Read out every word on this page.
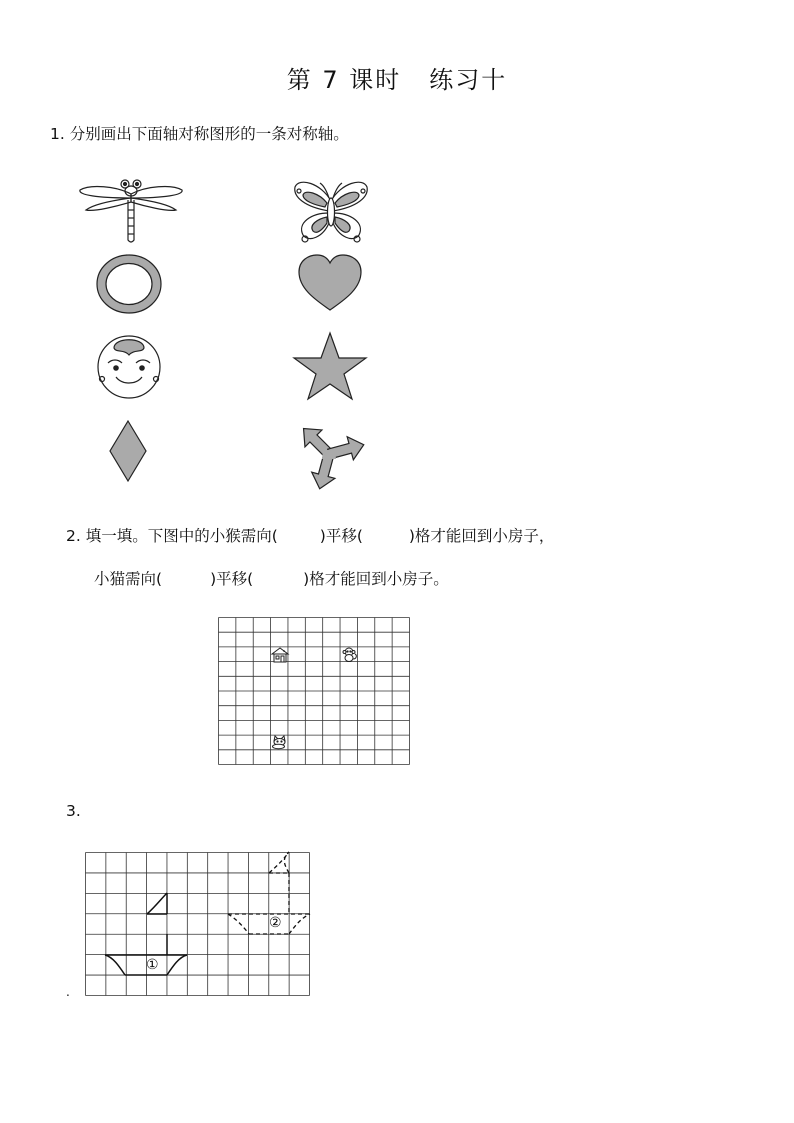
第 7 课时 练习十
1. 分别画出下面轴对称图形的一条对称轴。
2. 填一填。下图中的小猴需向(	)平移(	)格才能回到小房子，
小猫需向(	)平移(	)格才能回到小房子。
3.
①
②
.
